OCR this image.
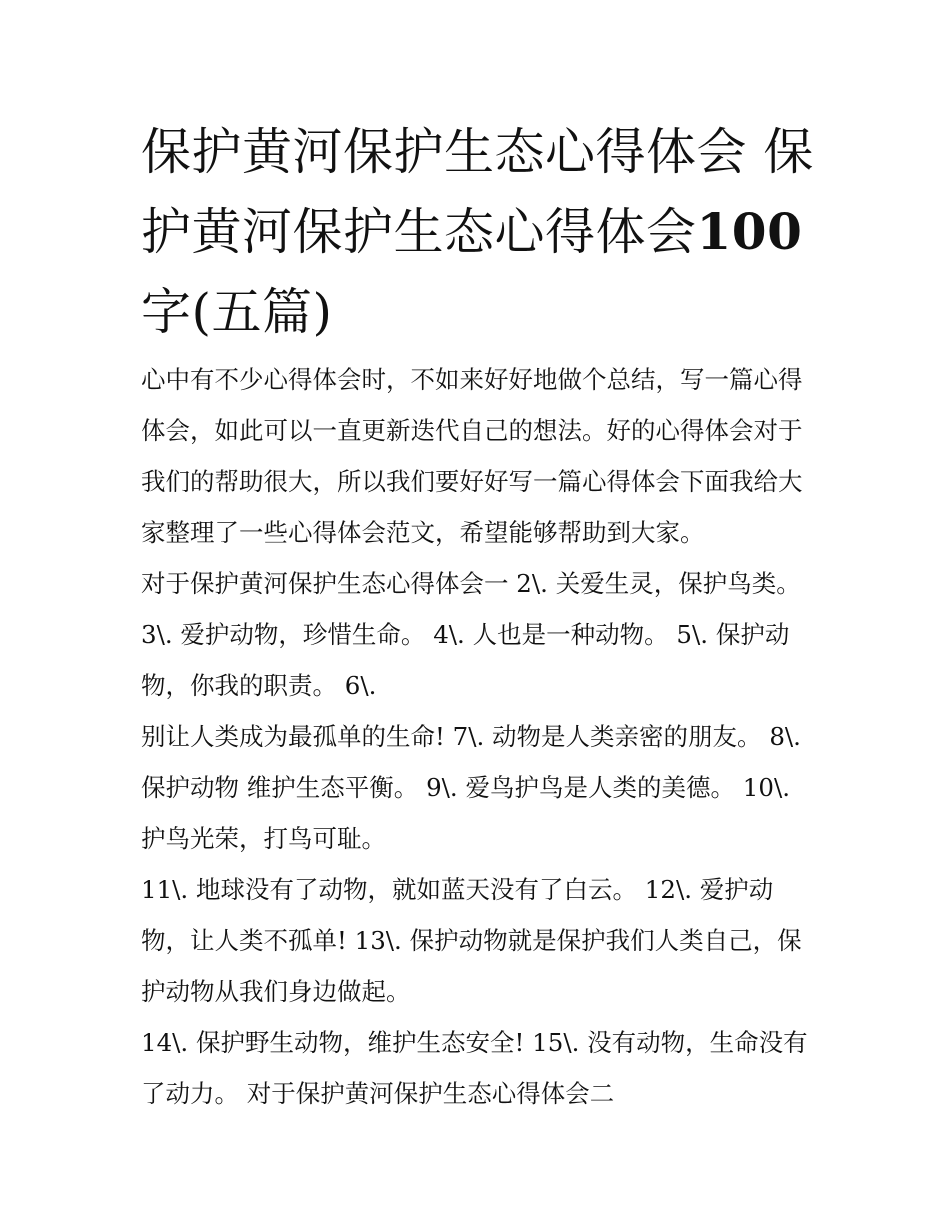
保护黄河保护生态心得体会 保护黄河保护生态心得体会100字(五篇)

心中有不少心得体会时，不如来好好地做个总结，写一篇心得体会，如此可以一直更新迭代自己的想法。好的心得体会对于我们的帮助很大，所以我们要好好写一篇心得体会下面我给大家整理了一些心得体会范文，希望能够帮助到大家。

对于保护黄河保护生态心得体会一 2\. 关爱生灵，保护鸟类。 3\. 爱护动物，珍惜生命。 4\. 人也是一种动物。 5\. 保护动物，你我的职责。 6\.

别让人类成为最孤单的生命! 7\. 动物是人类亲密的朋友。 8\. 保护动物 维护生态平衡。 9\. 爱鸟护鸟是人类的美德。 10\. 护鸟光荣，打鸟可耻。

11\. 地球没有了动物，就如蓝天没有了白云。 12\. 爱护动物，让人类不孤单! 13\. 保护动物就是保护我们人类自己，保护动物从我们身边做起。

14\. 保护野生动物，维护生态安全! 15\. 没有动物，生命没有了动力。 对于保护黄河保护生态心得体会二
